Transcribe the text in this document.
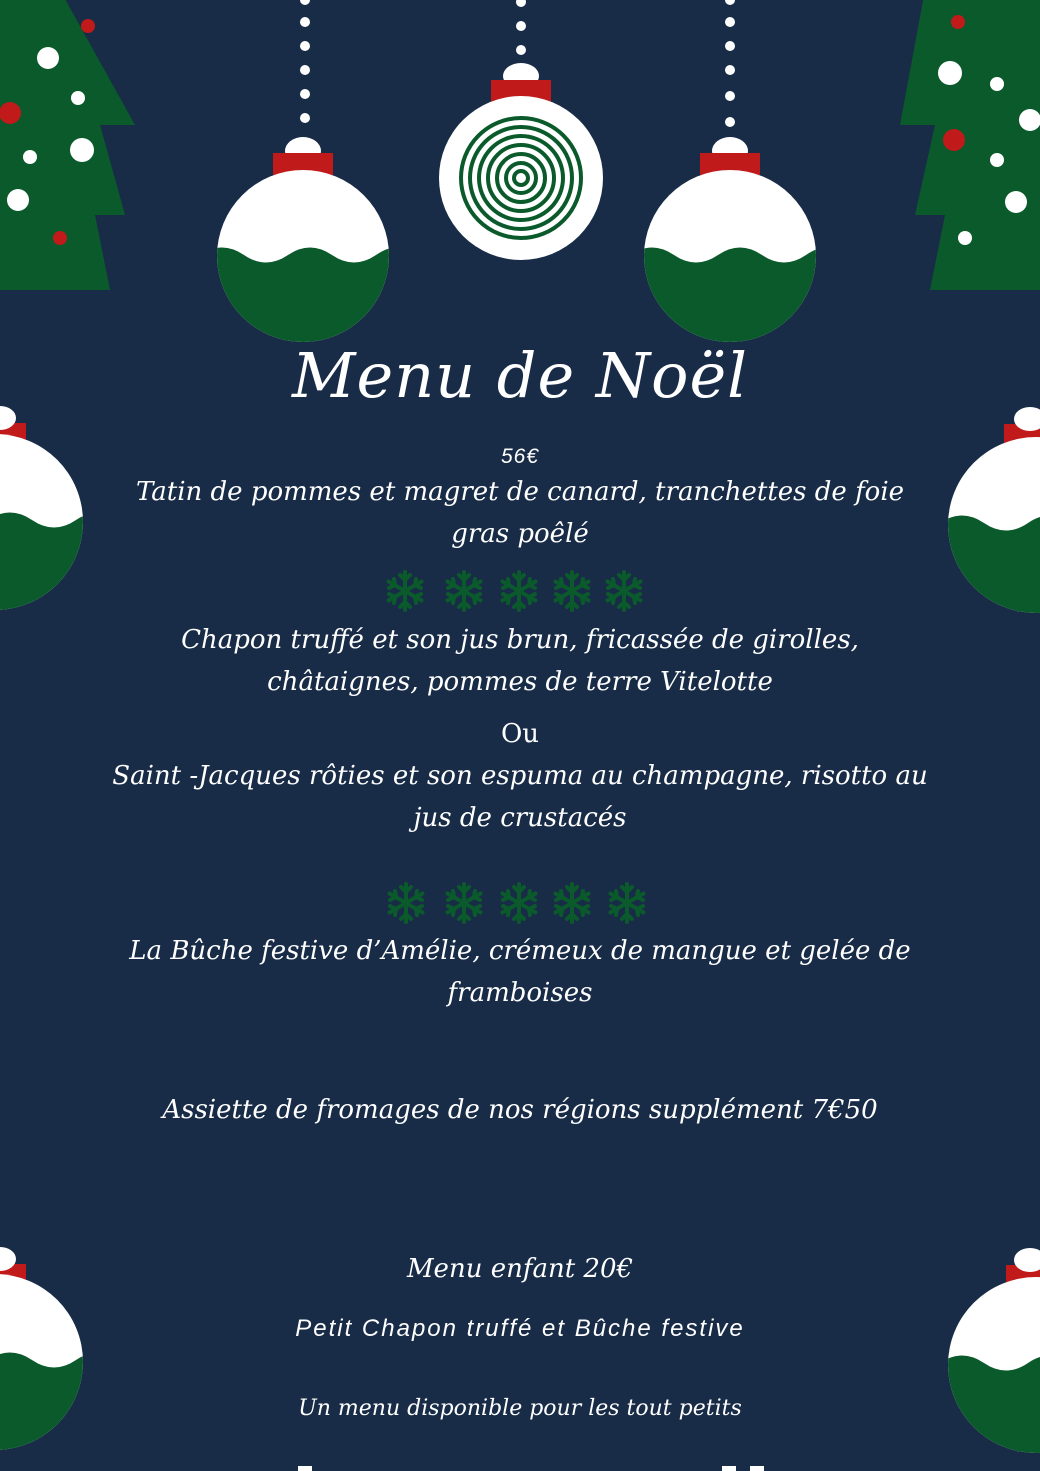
Menu de Noël
56€
Tatin de pommes et magret de canard, tranchettes de foie
gras poêlé
Chapon truffé et son jus brun, fricassée de girolles,
châtaignes, pommes de terre Vitelotte
Ou
Saint -Jacques rôties et son espuma au champagne, risotto au
jus de crustacés
La Bûche festive d’Amélie, crémeux de mangue et gelée de
framboises
Assiette de fromages de nos régions supplément 7€50
Menu enfant 20€
Petit Chapon truffé et Bûche festive
Un menu disponible pour les tout petits
